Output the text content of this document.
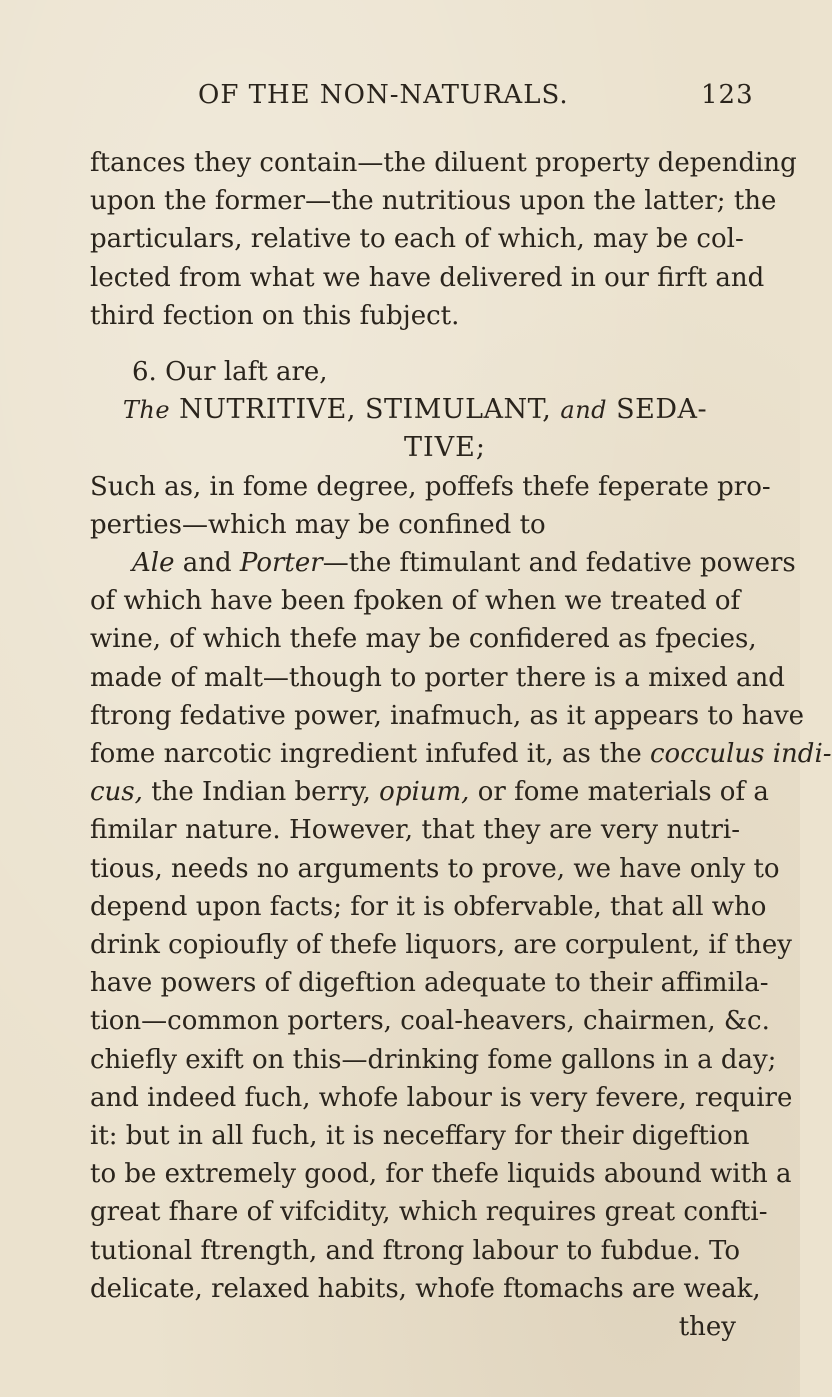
OF THE NON-NATURALS.	123
ftances they contain—the diluent property depending
upon the former—the nutritious upon the latter; the
particulars, relative to each of which, may be col-
lected from what we have delivered in our firft and
third fection on this fubject.
6. Our laft are,
The NUTRITIVE, STIMULANT, and SEDA-
TIVE;
Such as, in fome degree, poffefs thefe feperate pro-
perties—which may be confined to
Ale and Porter—the ftimulant and fedative powers
of which have been fpoken of when we treated of
wine, of which thefe may be confidered as fpecies,
made of malt—though to porter there is a mixed and
ftrong fedative power, inafmuch, as it appears to have
fome narcotic ingredient infufed it, as the cocculus indi-
cus, the Indian berry, opium, or fome materials of a
fimilar nature. However, that they are very nutri-
tious, needs no arguments to prove, we have only to
depend upon facts; for it is obfervable, that all who
drink copioufly of thefe liquors, are corpulent, if they
have powers of digeftion adequate to their affimila-
tion—common porters, coal-heavers, chairmen, &c.
chiefly exift on this—drinking fome gallons in a day;
and indeed fuch, whofe labour is very fevere, require
it: but in all fuch, it is neceffary for their digeftion
to be extremely good, for thefe liquids abound with a
great fhare of vifcidity, which requires great confti-
tutional ftrength, and ftrong labour to fubdue. To
delicate, relaxed habits, whofe ftomachs are weak,
they
